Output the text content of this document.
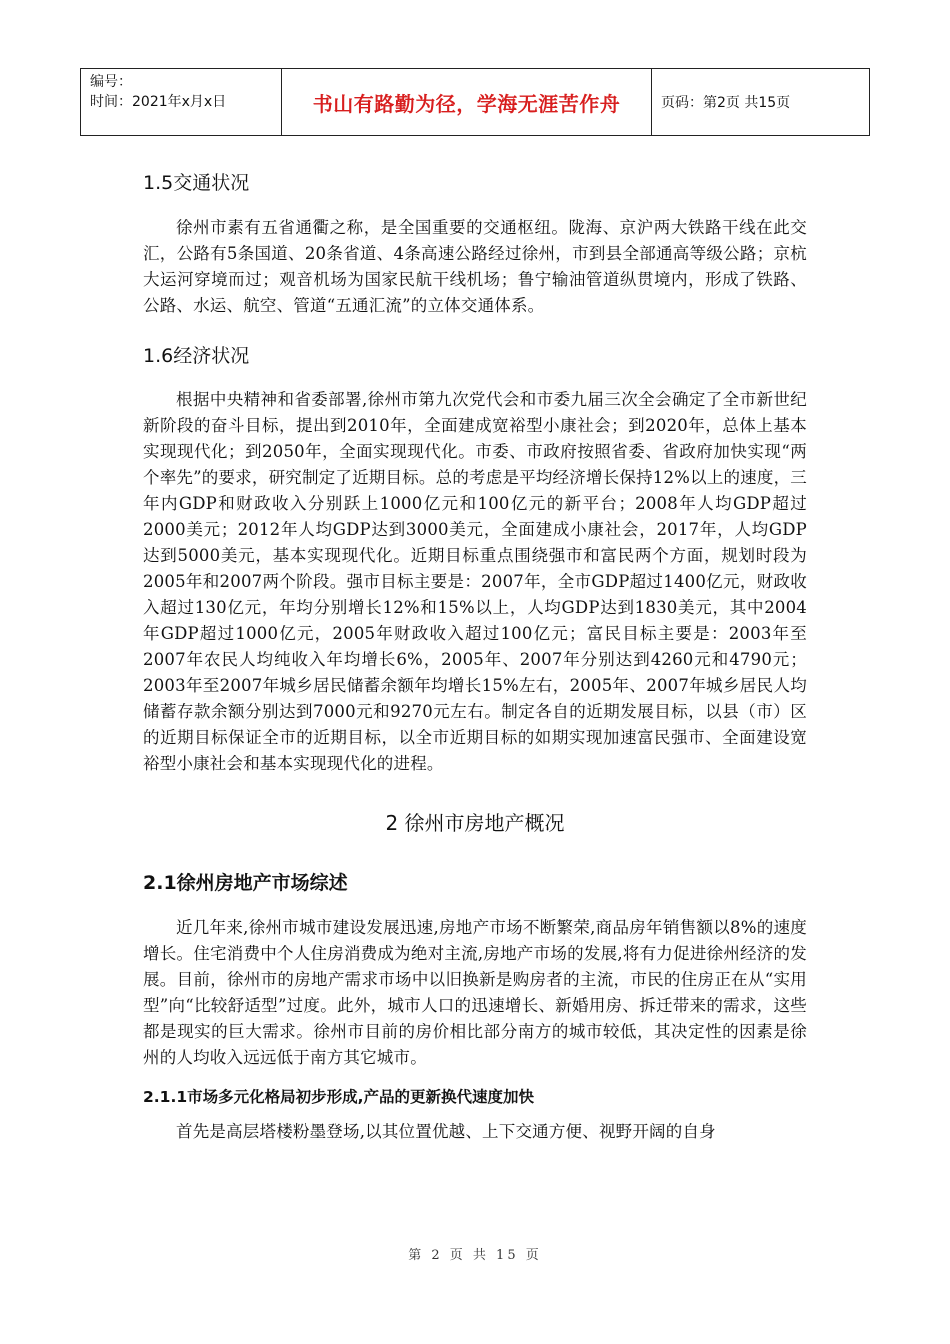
编号：
时间：2021年x月x日	书山有路勤为径，学海无涯苦作舟	页码：第2页 共15页
1.5交通状况

徐州市素有五省通衢之称，是全国重要的交通枢纽。陇海、京沪两大铁路干线在此交汇，公路有5条国道、20条省道、4条高速公路经过徐州，市到县全部通高等级公路；京杭大运河穿境而过；观音机场为国家民航干线机场；鲁宁输油管道纵贯境内，形成了铁路、公路、水运、航空、管道“五通汇流”的立体交通体系。

1.6经济状况

根据中央精神和省委部署,徐州市第九次党代会和市委九届三次全会确定了全市新世纪新阶段的奋斗目标，提出到2010年，全面建成宽裕型小康社会；到2020年，总体上基本实现现代化；到2050年，全面实现现代化。市委、市政府按照省委、省政府加快实现“两个率先”的要求，研究制定了近期目标。总的考虑是平均经济增长保持12%以上的速度，三年内GDP和财政收入分别跃上1000亿元和100亿元的新平台；2008年人均GDP超过2000美元；2012年人均GDP达到3000美元，全面建成小康社会，2017年，人均GDP达到5000美元，基本实现现代化。近期目标重点围绕强市和富民两个方面，规划时段为2005年和2007两个阶段。强市目标主要是：2007年，全市GDP超过1400亿元，财政收入超过130亿元，年均分别增长12%和15%以上，人均GDP达到1830美元，其中2004年GDP超过1000亿元，2005年财政收入超过100亿元；富民目标主要是：2003年至2007年农民人均纯收入年均增长6%，2005年、2007年分别达到4260元和4790元；2003年至2007年城乡居民储蓄余额年均增长15%左右，2005年、2007年城乡居民人均储蓄存款余额分别达到7000元和9270元左右。制定各自的近期发展目标，以县（市）区的近期目标保证全市的近期目标，以全市近期目标的如期实现加速富民强市、全面建设宽裕型小康社会和基本实现现代化的进程。

2 徐州市房地产概况
2.1徐州房地产市场综述

近几年来,徐州市城市建设发展迅速,房地产市场不断繁荣,商品房年销售额以8%的速度增长。住宅消费中个人住房消费成为绝对主流,房地产市场的发展,将有力促进徐州经济的发展。目前，徐州市的房地产需求市场中以旧换新是购房者的主流，市民的住房正在从“实用型”向“比较舒适型”过度。此外，城市人口的迅速增长、新婚用房、拆迁带来的需求，这些都是现实的巨大需求。徐州市目前的房价相比部分南方的城市较低，其决定性的因素是徐州的人均收入远远低于南方其它城市。

2.1.1市场多元化格局初步形成,产品的更新换代速度加快

首先是高层塔楼粉墨登场,以其位置优越、上下交通方便、视野开阔的自身

第 2 页 共 15 页
